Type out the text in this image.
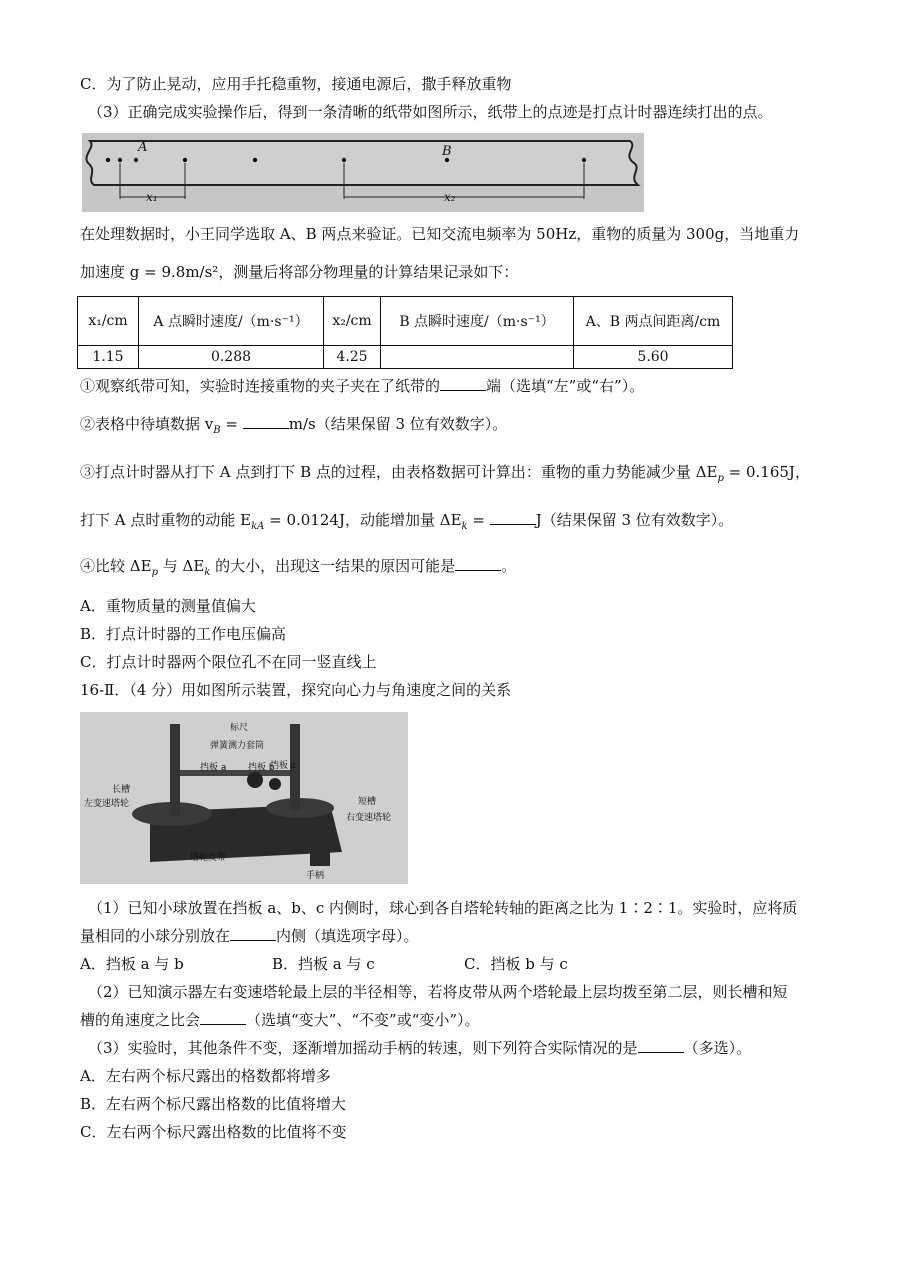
C．为了防止晃动，应用手托稳重物，接通电源后，撒手释放重物
（3）正确完成实验操作后，得到一条清晰的纸带如图所示，纸带上的点迹是打点计时器连续打出的点。
A	B
x₁	x₂
在处理数据时，小王同学选取 A、B 两点来验证。已知交流电频率为 50Hz，重物的质量为 300g，当地重力
加速度 g = 9.8m/s²，测量后将部分物理量的计算结果记录如下：
x₁/cm	A 点瞬时速度/（m·s⁻¹）	x₂/cm	B 点瞬时速度/（m·s⁻¹）	A、B 两点间距离/cm
1.15	0.288	4.25		5.60
①观察纸带可知，实验时连接重物的夹子夹在了纸带的	端（选填“左”或“右”）。
②表格中待填数据 $v_B$ =	m/s（结果保留 3 位有效数字）。
③打点计时器从打下 A 点到打下 B 点的过程，由表格数据可计算出：重物的重力势能减少量 $\Delta E_p = 0.165J$，
打下 A 点时重物的动能 $E_{kA} = 0.0124J$，动能增加量 $\Delta E_k$ =	J（结果保留 3 位有效数字）。
④比较 $\Delta E_p$ 与 $\Delta E_k$ 的大小，出现这一结果的原因可能是	。
A．重物质量的测量值偏大
B．打点计时器的工作电压偏高
C．打点计时器两个限位孔不在同一竖直线上
16-Ⅱ．（4 分）用如图所示装置，探究向心力与角速度之间的关系
标尺
弹簧测力套筒
挡板 a 挡板 b
挡板 c
长槽
左变速塔轮	短槽
右变速塔轮
塔轮皮带
手柄
（1）已知小球放置在挡板 a、b、c 内侧时，球心到各自塔轮转轴的距离之比为 1∶2∶1。实验时，应将质
量相同的小球分别放在	内侧（填选项字母）。
A．挡板 a 与 b	B．挡板 a 与 c	C．挡板 b 与 c
（2）已知演示器左右变速塔轮最上层的半径相等，若将皮带从两个塔轮最上层均拨至第二层，则长槽和短
槽的角速度之比会	（选填“变大”、“不变”或“变小”）。
（3）实验时，其他条件不变，逐渐增加摇动手柄的转速，则下列符合实际情况的是	（多选）。
A．左右两个标尺露出的格数都将增多
B．左右两个标尺露出格数的比值将增大
C．左右两个标尺露出格数的比值将不变
